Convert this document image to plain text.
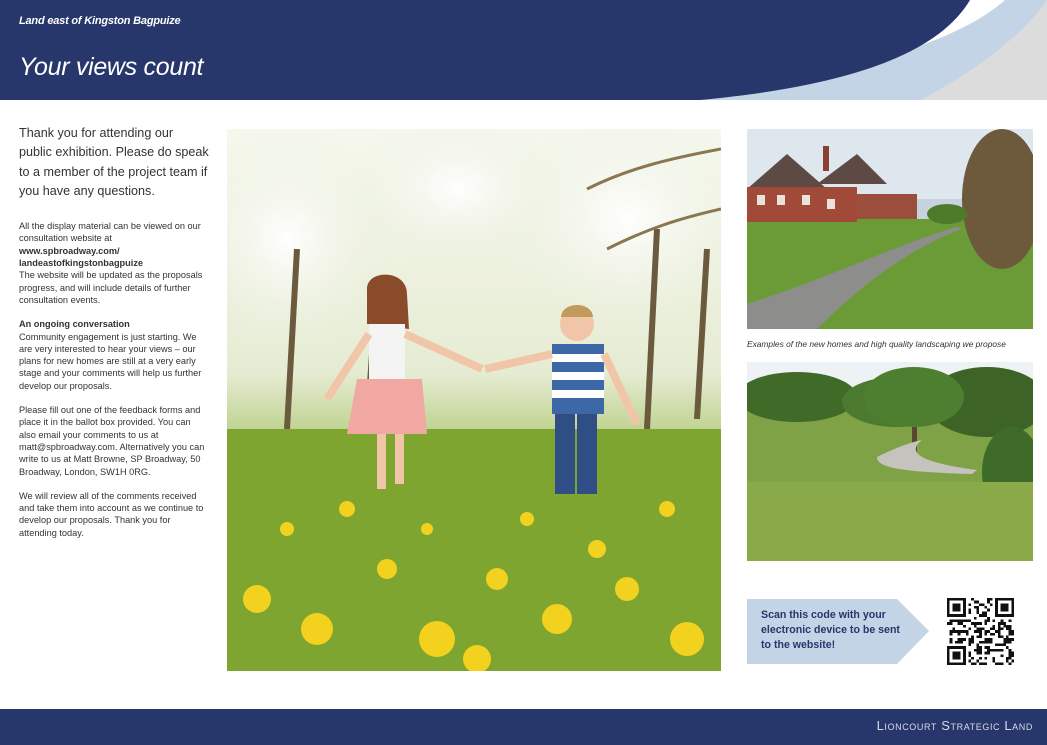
Land east of Kingston Bagpuize
Your views count

Thank you for attending our public exhibition. Please do speak to a member of the project team if you have any questions.

All the display material can be viewed on our consultation website at www.spbroadway.com/ landeastofkingstonbagpuize
The website will be updated as the proposals progress, and will include details of further consultation events.

An ongoing conversation
Community engagement is just starting. We are very interested to hear your views – our plans for new homes are still at a very early stage and your comments will help us further develop our proposals.

Please fill out one of the feedback forms and place it in the ballot box provided. You can also email your comments to us at matt@spbroadway.com. Alternatively you can write to us at Matt Browne, SP Broadway, 50 Broadway, London, SW1H 0RG.

We will review all of the comments received and take them into account as we continue to develop our proposals. Thank you for attending today.

Examples of the new homes and high quality landscaping we propose
Scan this code with your electronic device to be sent to the website!
Lioncourt Strategic Land
